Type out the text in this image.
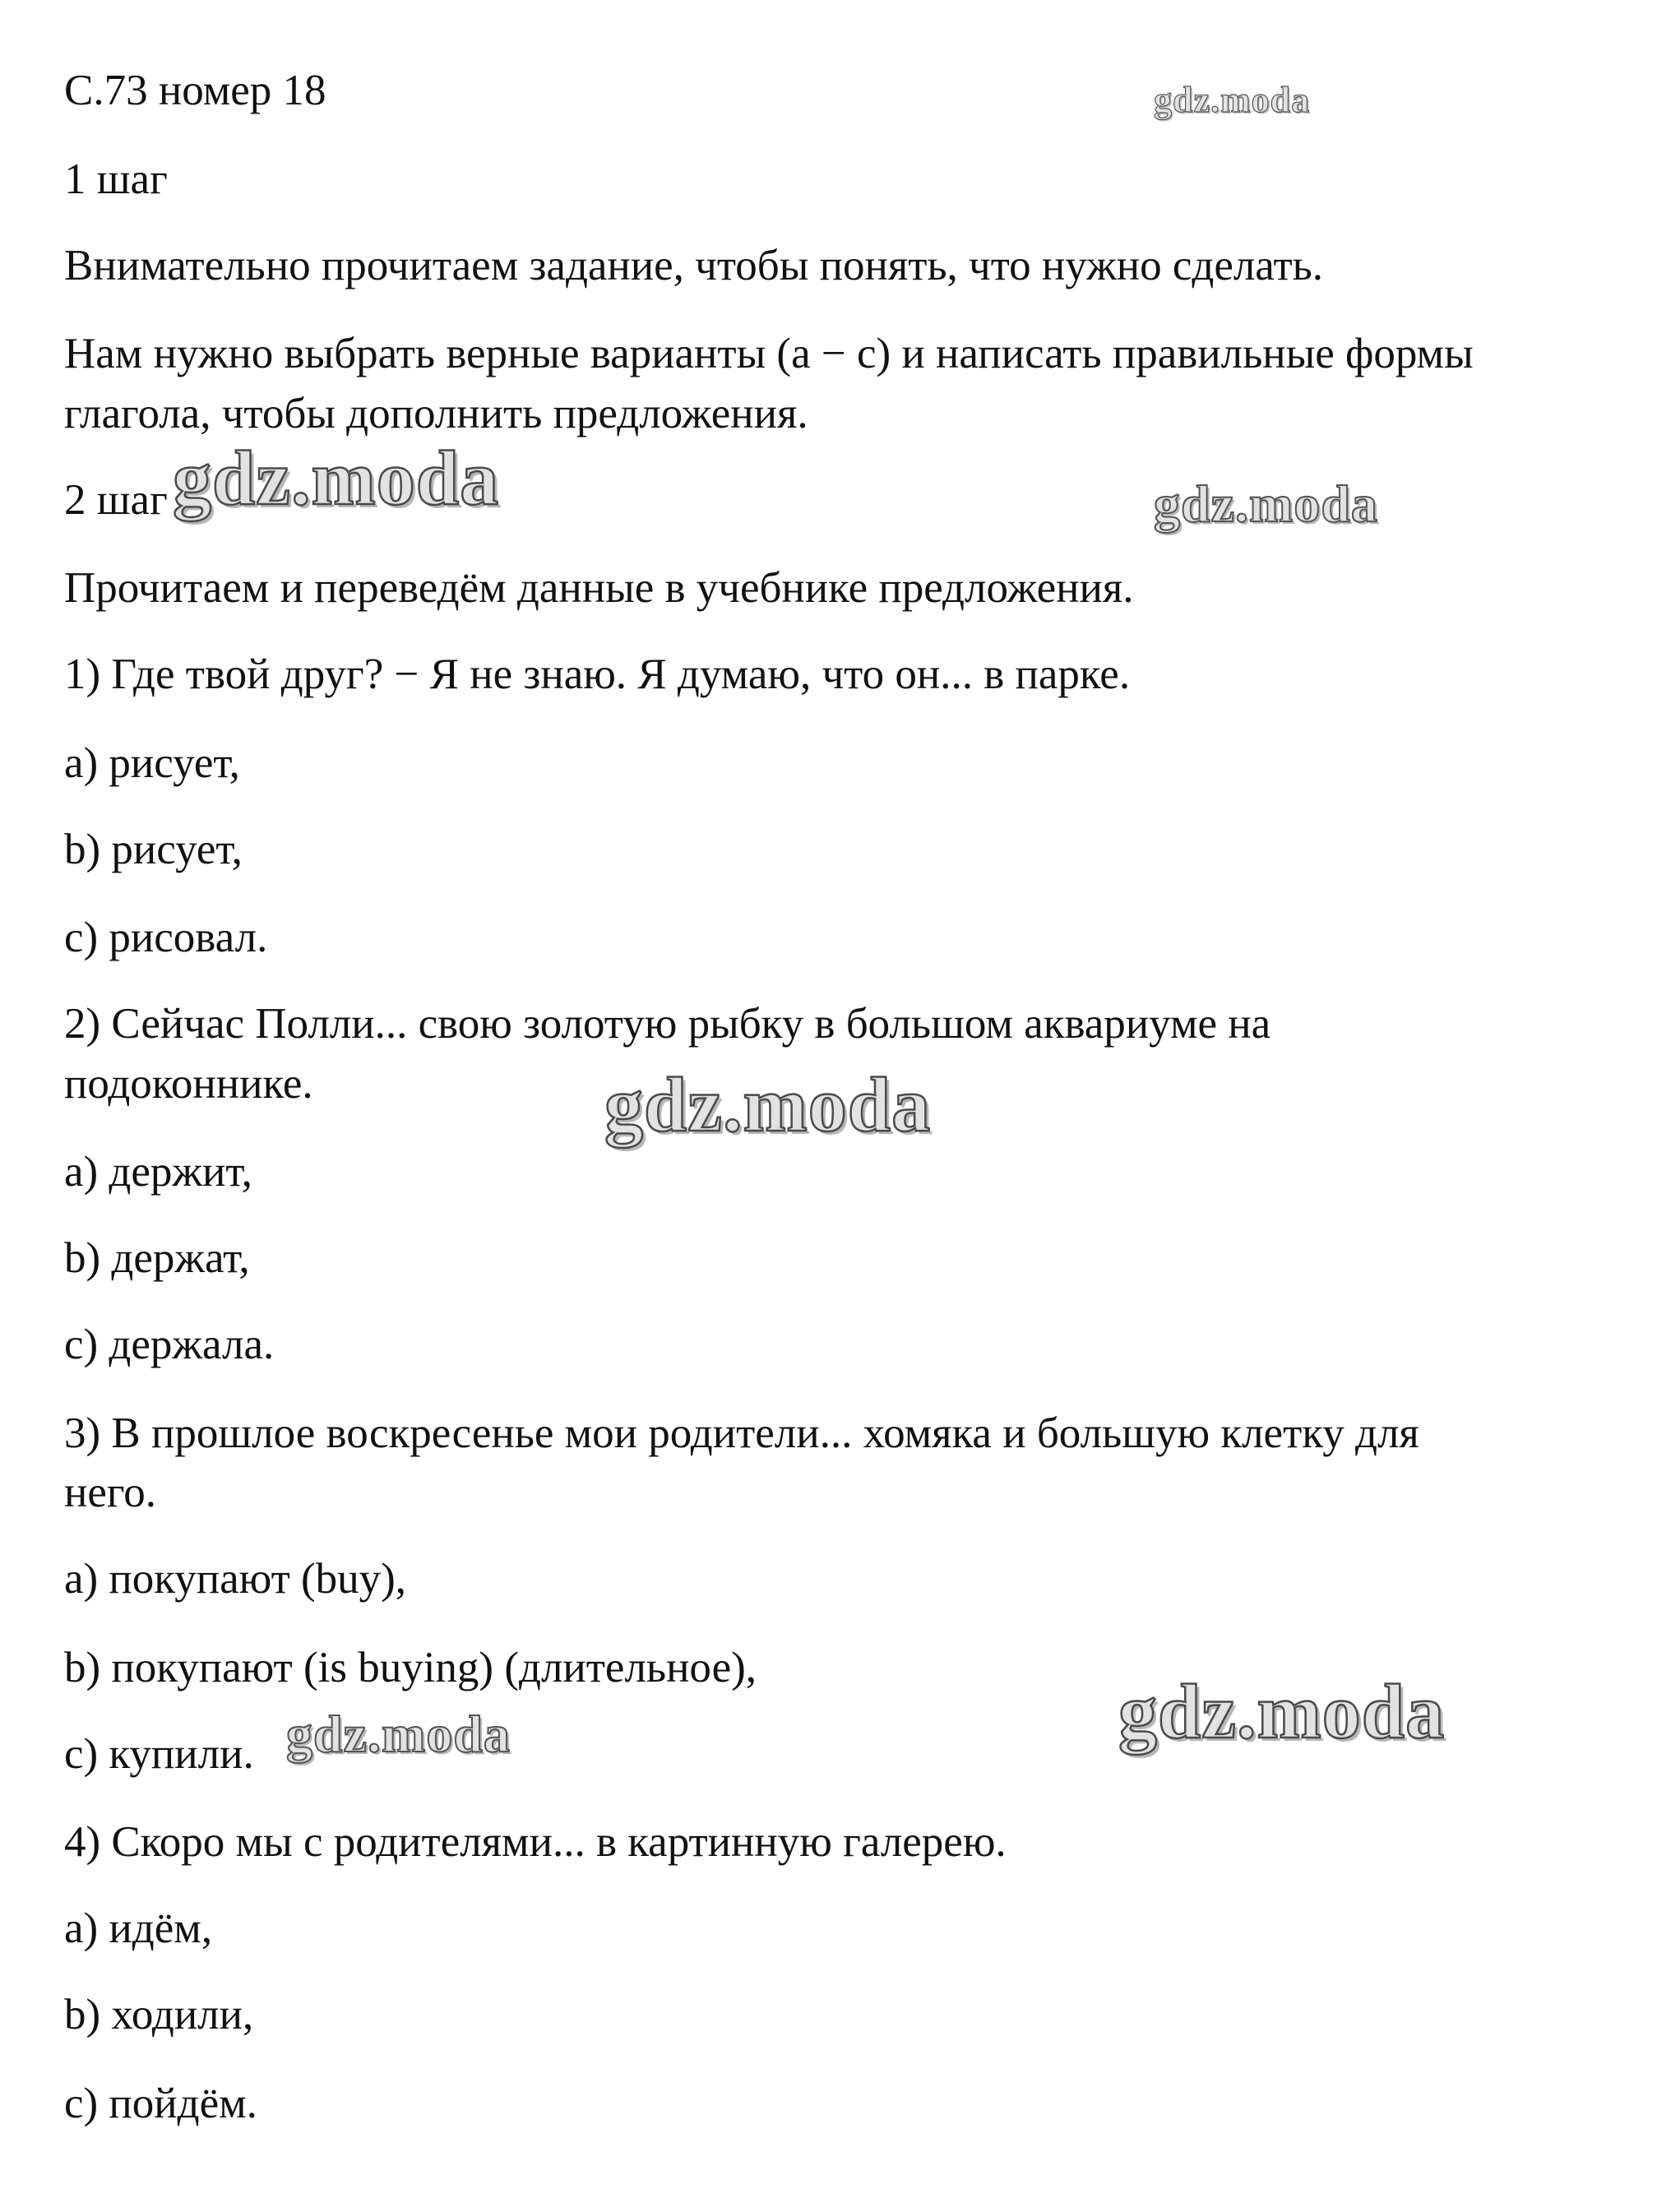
С.73 номер 18
1 шаг
Внимательно прочитаем задание, чтобы понять, что нужно сделать.
Нам нужно выбрать верные варианты (a − c) и написать правильные формы
глагола, чтобы дополнить предложения.
2 шаг
Прочитаем и переведём данные в учебнике предложения.
1) Где твой друг? − Я не знаю. Я думаю, что он... в парке.
a) рисует,
b) рисует,
c) рисовал.
2) Сейчас Полли... свою золотую рыбку в большом аквариуме на
подоконнике.
a) держит,
b) держат,
c) держала.
3) В прошлое воскресенье мои родители... хомяка и большую клетку для
него.
a) покупают (buy),
b) покупают (is buying) (длительное),
c) купили.
4) Скоро мы с родителями... в картинную галерею.
a) идём,
b) ходили,
c) пойдём.
gdz.moda
gdz.moda	gdz.moda
gdz.moda
gdz.moda	gdz.moda
